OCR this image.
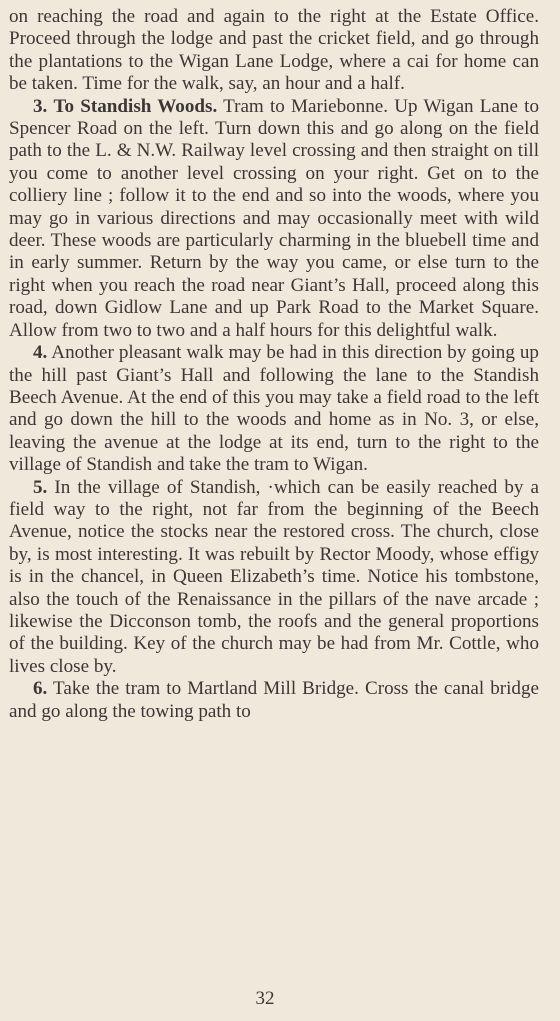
on reaching the road and again to the right at the Estate Office. Proceed through the lodge and past the cricket field, and go through the plantations to the Wigan Lane Lodge, where a cai for home can be taken. Time for the walk, say, an hour and a half.

3. To Standish Woods. Tram to Mariebonne. Up Wigan Lane to Spencer Road on the left. Turn down this and go along on the field path to the L. & N.W. Railway level crossing and then straight on till you come to another level crossing on your right. Get on to the colliery line ; follow it to the end and so into the woods, where you may go in various directions and may occasionally meet with wild deer. These woods are particularly charming in the bluebell time and in early summer. Return by the way you came, or else turn to the right when you reach the road near Giant’s Hall, proceed along this road, down Gidlow Lane and up Park Road to the Market Square. Allow from two to two and a half hours for this delightful walk.

4. Another pleasant walk may be had in this direction by going up the hill past Giant’s Hall and following the lane to the Standish Beech Avenue. At the end of this you may take a field road to the left and go down the hill to the woods and home as in No. 3, or else, leaving the avenue at the lodge at its end, turn to the right to the village of Standish and take the tram to Wigan.

5. In the village of Standish, ·which can be easily reached by a field way to the right, not far from the beginning of the Beech Avenue, notice the stocks near the restored cross. The church, close by, is most interesting. It was rebuilt by Rector Moody, whose effigy is in the chancel, in Queen Elizabeth’s time. Notice his tombstone, also the touch of the Renaissance in the pillars of the nave arcade ; likewise the Dicconson tomb, the roofs and the general proportions of the building. Key of the church may be had from Mr. Cottle, who lives close by.

6. Take the tram to Martland Mill Bridge. Cross the canal bridge and go along the towing path to

32
